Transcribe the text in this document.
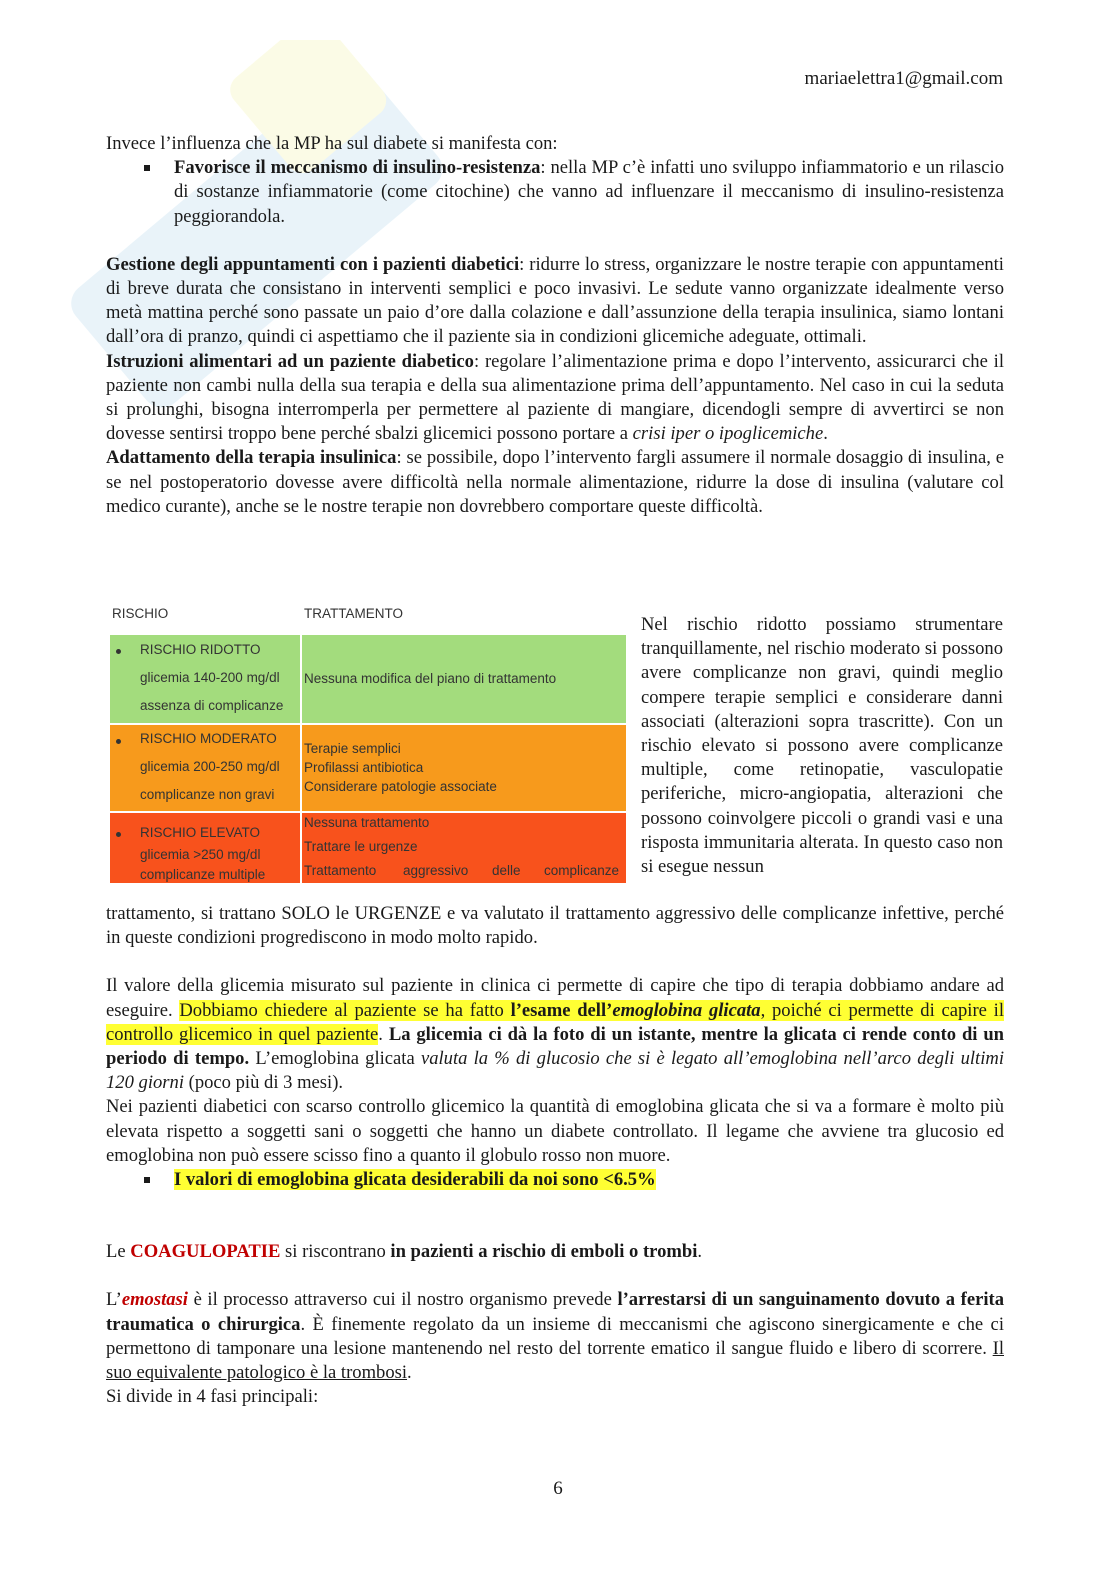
mariaelettra1@gmail.com

Invece l’influenza che la MP ha sul diabete si manifesta con:

Favorisce il meccanismo di insulino-resistenza: nella MP c’è infatti uno sviluppo infiammatorio e un rilascio di sostanze infiammatorie (come citochine) che vanno ad influenzare il meccanismo di insulino-resistenza peggiorandola.

Gestione degli appuntamenti con i pazienti diabetici: ridurre lo stress, organizzare le nostre terapie con appuntamenti di breve durata che consistano in interventi semplici e poco invasivi. Le sedute vanno organizzate idealmente verso metà mattina perché sono passate un paio d’ore dalla colazione e dall’assunzione della terapia insulinica, siamo lontani dall’ora di pranzo, quindi ci aspettiamo che il paziente sia in condizioni glicemiche adeguate, ottimali.

Istruzioni alimentari ad un paziente diabetico: regolare l’alimentazione prima e dopo l’intervento, assicurarci che il paziente non cambi nulla della sua terapia e della sua alimentazione prima dell’appuntamento. Nel caso in cui la seduta si prolunghi, bisogna interromperla per permettere al paziente di mangiare, dicendogli sempre di avvertirci se non dovesse sentirsi troppo bene perché sbalzi glicemici possono portare a crisi iper o ipoglicemiche.

Adattamento della terapia insulinica: se possibile, dopo l’intervento fargli assumere il normale dosaggio di insulina, e se nel postoperatorio dovesse avere difficoltà nella normale alimentazione, ridurre la dose di insulina (valutare col medico curante), anche se le nostre terapie non dovrebbero comportare queste difficoltà.

RISCHIO	TRATTAMENTO
RISCHIO RIDOTTO
glicemia 140-200 mg/dl
assenza di complicanze
Nessuna modifica del piano di trattamento
RISCHIO MODERATO
glicemia 200-250 mg/dl
complicanze non gravi
Terapie semplici
Profilassi antibiotica
Considerare patologie associate
RISCHIO ELEVATO
glicemia >250 mg/dl
complicanze multiple
Nessuna trattamento
Trattare le urgenze
Trattamento aggressivo delle complicanze

Nel rischio ridotto possiamo strumentare tranquillamente, nel rischio moderato si possono avere complicanze non gravi, quindi meglio compere terapie semplici e considerare danni associati (alterazioni sopra trascritte). Con un rischio elevato si possono avere complicanze multiple, come retinopatie, vasculopatie periferiche, micro-angiopatia, alterazioni che possono coinvolgere piccoli o grandi vasi e una risposta immunitaria alterata. In questo caso non si esegue nessun

trattamento, si trattano SOLO le URGENZE e va valutato il trattamento aggressivo delle complicanze infettive, perché in queste condizioni progrediscono in modo molto rapido.

Il valore della glicemia misurato sul paziente in clinica ci permette di capire che tipo di terapia dobbiamo andare ad eseguire. Dobbiamo chiedere al paziente se ha fatto l’esame dell’emoglobina glicata, poiché ci permette di capire il controllo glicemico in quel paziente. La glicemia ci dà la foto di un istante, mentre la glicata ci rende conto di un periodo di tempo. L’emoglobina glicata valuta la % di glucosio che si è legato all’emoglobina nell’arco degli ultimi 120 giorni (poco più di 3 mesi).

Nei pazienti diabetici con scarso controllo glicemico la quantità di emoglobina glicata che si va a formare è molto più elevata rispetto a soggetti sani o soggetti che hanno un diabete controllato. Il legame che avviene tra glucosio ed emoglobina non può essere scisso fino a quanto il globulo rosso non muore.

I valori di emoglobina glicata desiderabili da noi sono <6.5%

Le COAGULOPATIE si riscontrano in pazienti a rischio di emboli o trombi.

L’emostasi è il processo attraverso cui il nostro organismo prevede l’arrestarsi di un sanguinamento dovuto a ferita traumatica o chirurgica. È finemente regolato da un insieme di meccanismi che agiscono sinergicamente e che ci permettono di tamponare una lesione mantenendo nel resto del torrente ematico il sangue fluido e libero di scorrere. Il suo equivalente patologico è la trombosi.

Si divide in 4 fasi principali:

6
